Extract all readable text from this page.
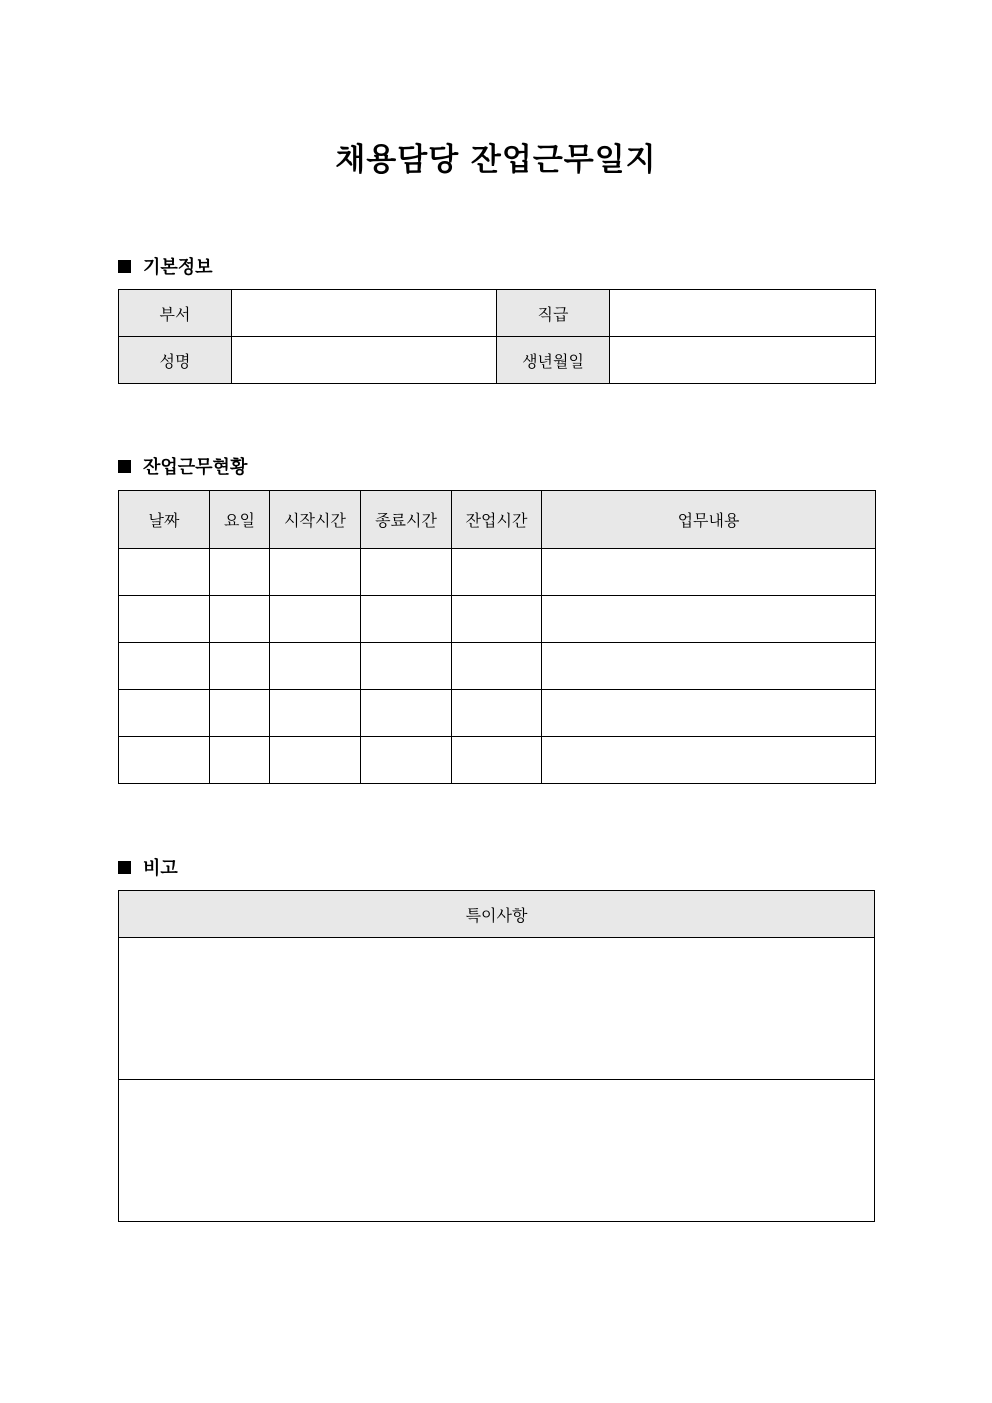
채용담당 잔업근무일지
기본정보
부서		직급	
성명		생년월일	
잔업근무현황
날짜	요일	시작시간	종료시간	잔업시간	업무내용

비고
특이사항
